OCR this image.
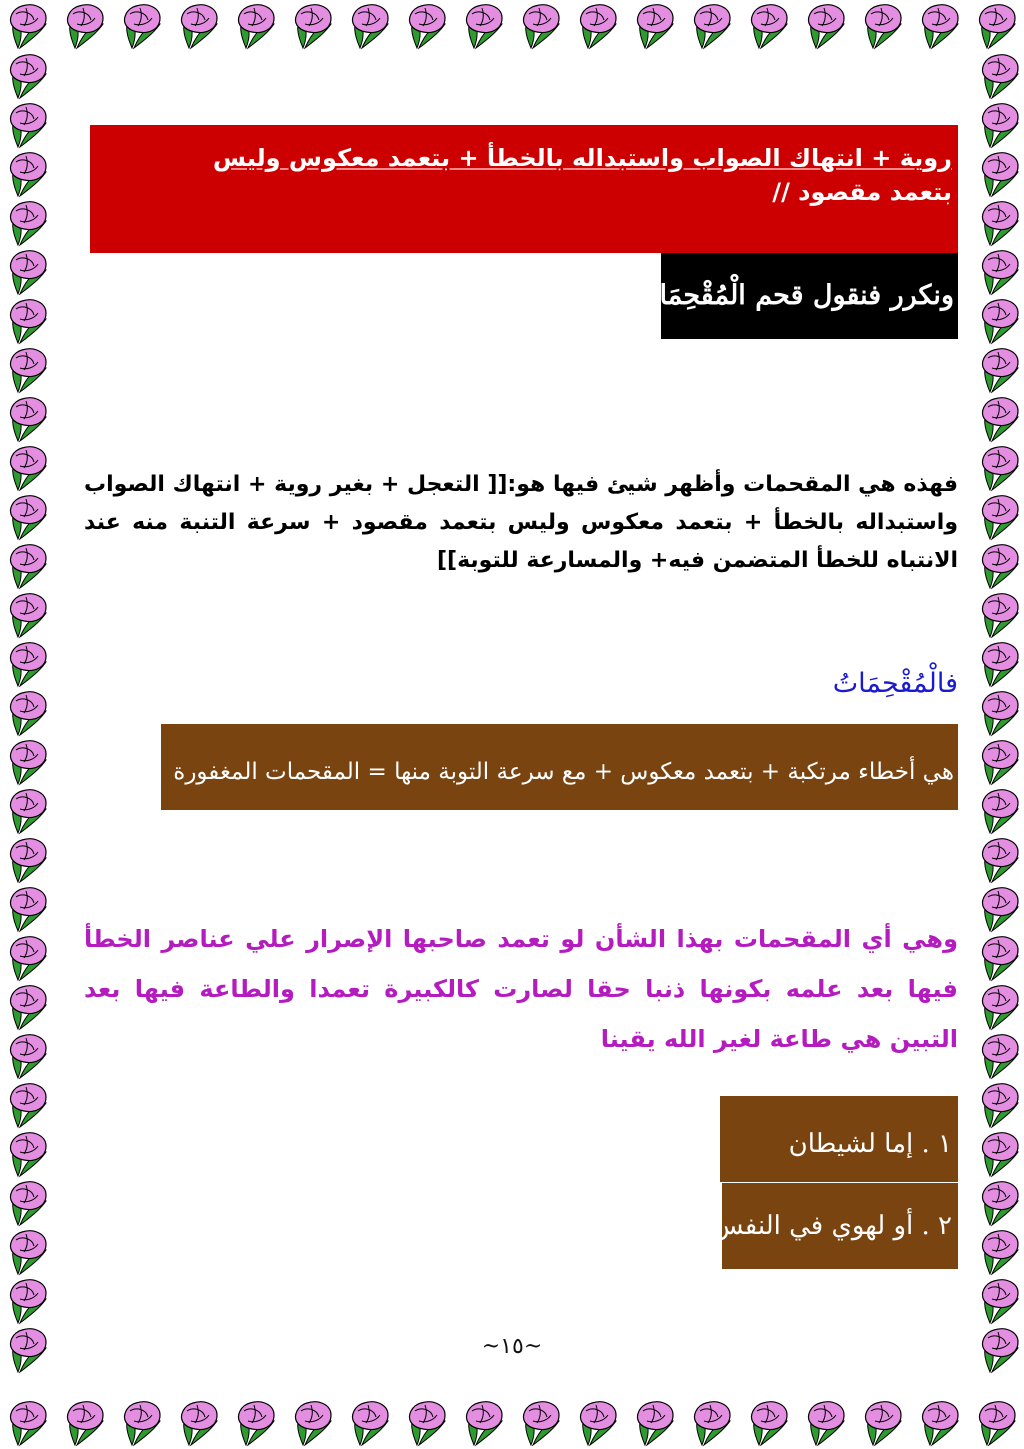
روية + انتهاك الصواب واستبداله بالخطأ + بتعمد معكوس وليس
بتعمد مقصود //
ونكرر فنقول قحم الْمُقْحِمَاتُ
فهذه هي المقحمات وأظهر شيئ فيها هو:[[ التعجل + بغير روية + انتهاك الصواب واستبداله بالخطأ + بتعمد معكوس وليس بتعمد مقصود + سرعة التنبة منه عند الانتباه للخطأ المتضمن فيه+ والمسارعة للتوبة]]
فالْمُقْحِمَاتُ
هي أخطاء مرتكبة + بتعمد معكوس + مع سرعة التوبة منها = المقحمات المغفورة
وهي أي المقحمات بهذا الشأن لو تعمد صاحبها الإصرار علي عناصر الخطأ فيها بعد علمه بكونها ذنبا حقا لصارت كالكبيرة تعمدا والطاعة فيها بعد التبين هي طاعة لغير الله يقينا
١ . إما لشيطان
٢ . أو لهوي في النفس
~١٥~
